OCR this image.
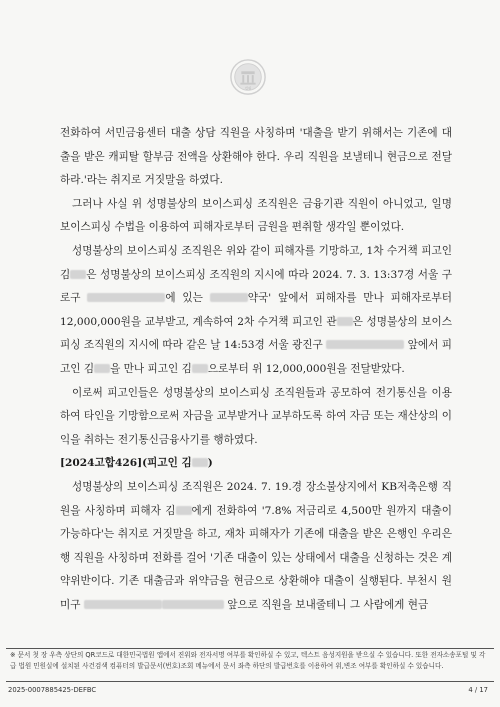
법원

전화하여 서민금융센터 대출 상담 직원을 사칭하며 '대출을 받기 위해서는 기존에 대출을 받은 캐피탈 할부금 전액을 상환해야 한다. 우리 직원을 보낼테니 현금으로 전달하라.'라는 취지로 거짓말을 하였다.

그러나 사실 위 성명불상의 보이스피싱 조직원은 금융기관 직원이 아니었고, 일명 보이스피싱 수법을 이용하여 피해자로부터 금원을 편취할 생각일 뿐이었다.

성명불상의 보이스피싱 조직원은 위와 같이 피해자를 기망하고, 1차 수거책 피고인 김 은 성명불상의 보이스피싱 조직원의 지시에 따라 2024. 7. 3. 13:37경 서울 구로구	에 있는	약국' 앞에서 피해자를 만나 피해자로부터 12,000,000원을 교부받고, 계속하여 2차 수거책 피고인 관 은 성명불상의 보이스피싱 조직원의 지시에 따라 같은 날 14:53경 서울 광진구	앞에서 피고인 김 을 만나 피고인 김 으로부터 위 12,000,000원을 전달받았다.

이로써 피고인들은 성명불상의 보이스피싱 조직원들과 공모하여 전기통신을 이용하여 타인을 기망함으로써 자금을 교부받거나 교부하도록 하여 자금 또는 재산상의 이익을 취하는 전기통신금융사기를 행하였다.

[2024고합426](피고인 김 )

성명불상의 보이스피싱 조직원은 2024. 7. 19.경 장소불상지에서 KB저축은행 직원을 사칭하며 피해자 김 에게 전화하여 '7.8% 저금리로 4,500만 원까지 대출이 가능하다'는 취지로 거짓말을 하고, 재차 피해자가 기존에 대출을 받은 은행인 우리은행 직원을 사칭하며 전화를 걸어 '기존 대출이 있는 상태에서 대출을 신청하는 것은 계약위반이다. 기존 대출금과 위약금을 현금으로 상환해야 대출이 실행된다. 부천시 원미구	앞으로 직원을 보내줄테니 그 사람에게 현금

※ 문서 첫 장 우측 상단의 QR코드로 대한민국법원 앱에서 진위와 전자서명 여부를 확인하실 수 있고, 텍스트 음성지원을 받으실 수 있습니다. 또한 전자소송포털 및 각급 법원 민원실에 설치된 사건검색 컴퓨터의 발급문서(번호)조회 메뉴에서 문서 좌측 하단의 발급번호를 이용하여 위,변조 여부를 확인하실 수 있습니다.

2025-0007885425-DEFBC	4 / 17
